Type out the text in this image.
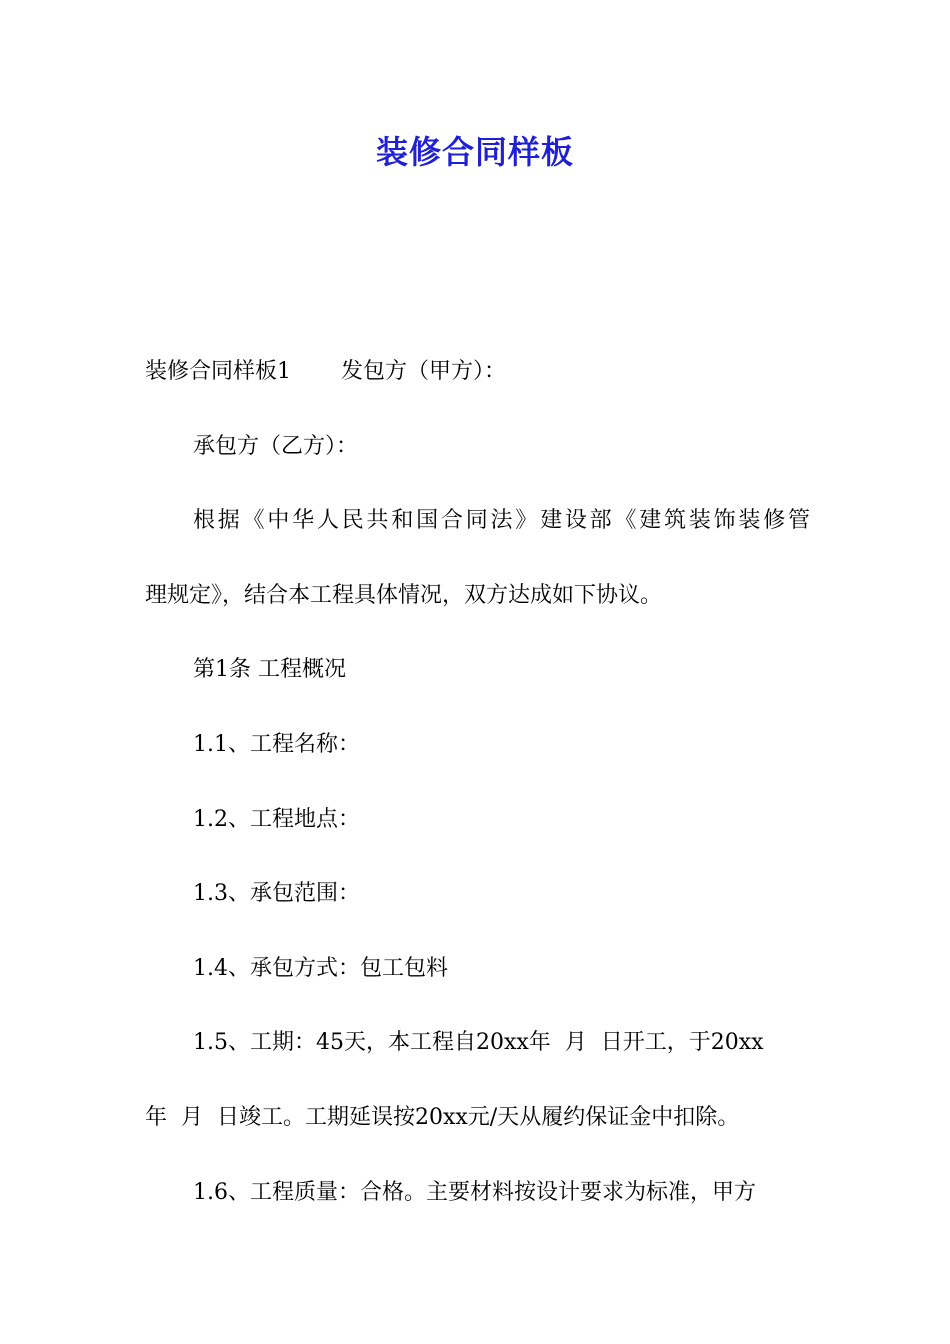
装修合同样板

装修合同样板1 发包方（甲方）：

承包方（乙方）：

根据《中华人民共和国合同法》建设部《建筑装饰装修管

理规定》，结合本工程具体情况，双方达成如下协议。

第1条 工程概况

1.1、工程名称：

1.2、工程地点：

1.3、承包范围：

1.4、承包方式：包工包料

1.5、工期：45天，本工程自20xx年  月  日开工，于20xx

年  月  日竣工。工期延误按20xx元/天从履约保证金中扣除。

1.6、工程质量：合格。主要材料按设计要求为标准，甲方
